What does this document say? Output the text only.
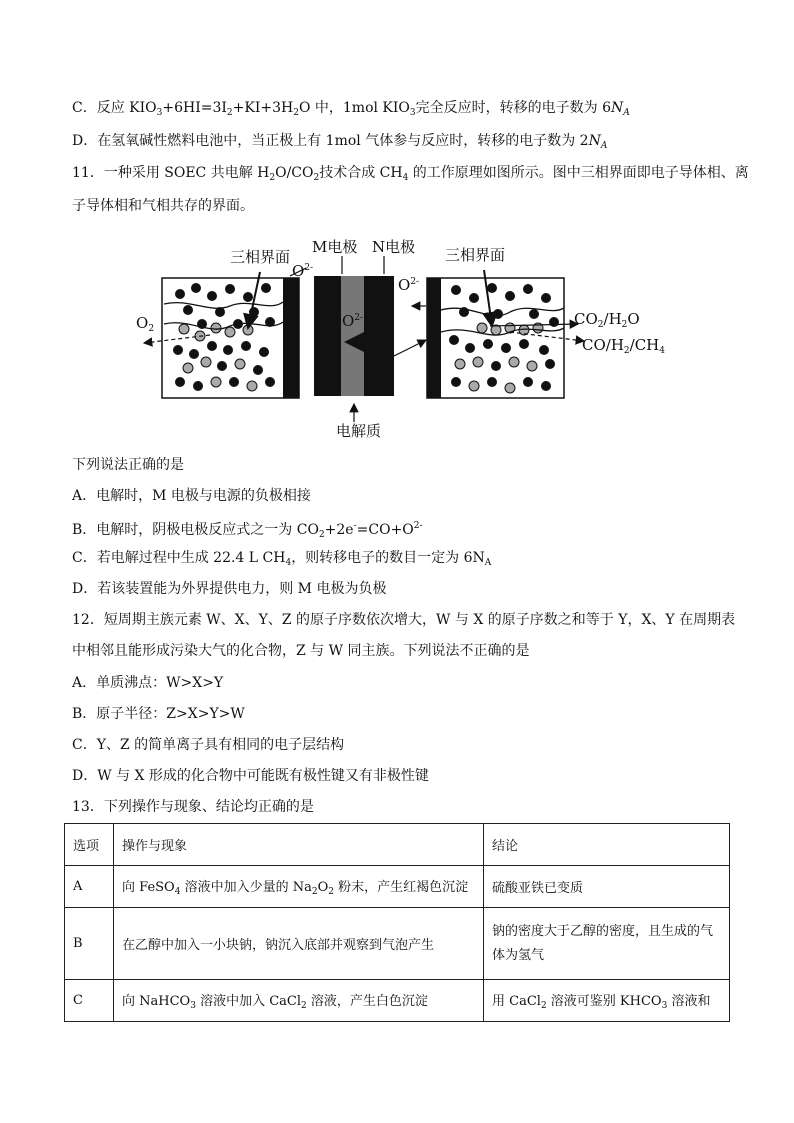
C．反应 $KIO_3+6HI=3I_2+KI+3H_2O$ 中，1mol $KIO_3$完全反应时，转移的电子数为 $6N_A$
D．在氢氧碱性燃料电池中，当正极上有 1mol 气体参与反应时，转移的电子数为 $2N_A$
11．一种采用 SOEC 共电解 $H_2O/CO_2$技术合成 $CH_4$ 的工作原理如图所示。图中三相界面即电子导体相、离
子导体相和气相共存的界面。
三相界面
M电极 N电极 三相界面
$O^{2-}$
$O^{2-}$
$O^{2-}$
$O_2$
$CO_2/H_2O$
$CO/H_2/CH_4$
电解质
下列说法正确的是
A．电解时，M 电极与电源的负极相接
B．电解时，阴极电极反应式之一为 $CO_2+2e^-=CO+O^{2-}$
C．若电解过程中生成 22.4 L $CH_4$，则转移电子的数目一定为 $6N_A$
D．若该装置能为外界提供电力，则 M 电极为负极
12．短周期主族元素 W、X、Y、Z 的原子序数依次增大，W 与 X 的原子序数之和等于 Y，X、Y 在周期表
中相邻且能形成污染大气的化合物，Z 与 W 同主族。下列说法不正确的是
A．单质沸点：W>X>Y
B．原子半径：Z>X>Y>W
C．Y、Z 的简单离子具有相同的电子层结构
D．W 与 X 形成的化合物中可能既有极性键又有非极性键
13．下列操作与现象、结论均正确的是
选项	操作与现象	结论
A	向 FeSO$_4$ 溶液中加入少量的 $Na_2O_2$ 粉末，产生红褐色沉淀	硫酸亚铁已变质
B	在乙醇中加入一小块钠，钠沉入底部并观察到气泡产生	钠的密度大于乙醇的密度，且生成的气体为氢气

C	向 NaHCO$_3$ 溶液中加入 CaCl$_2$ 溶液，产生白色沉淀	用 CaCl$_2$ 溶液可鉴别 $KHCO_3$ 溶液和
